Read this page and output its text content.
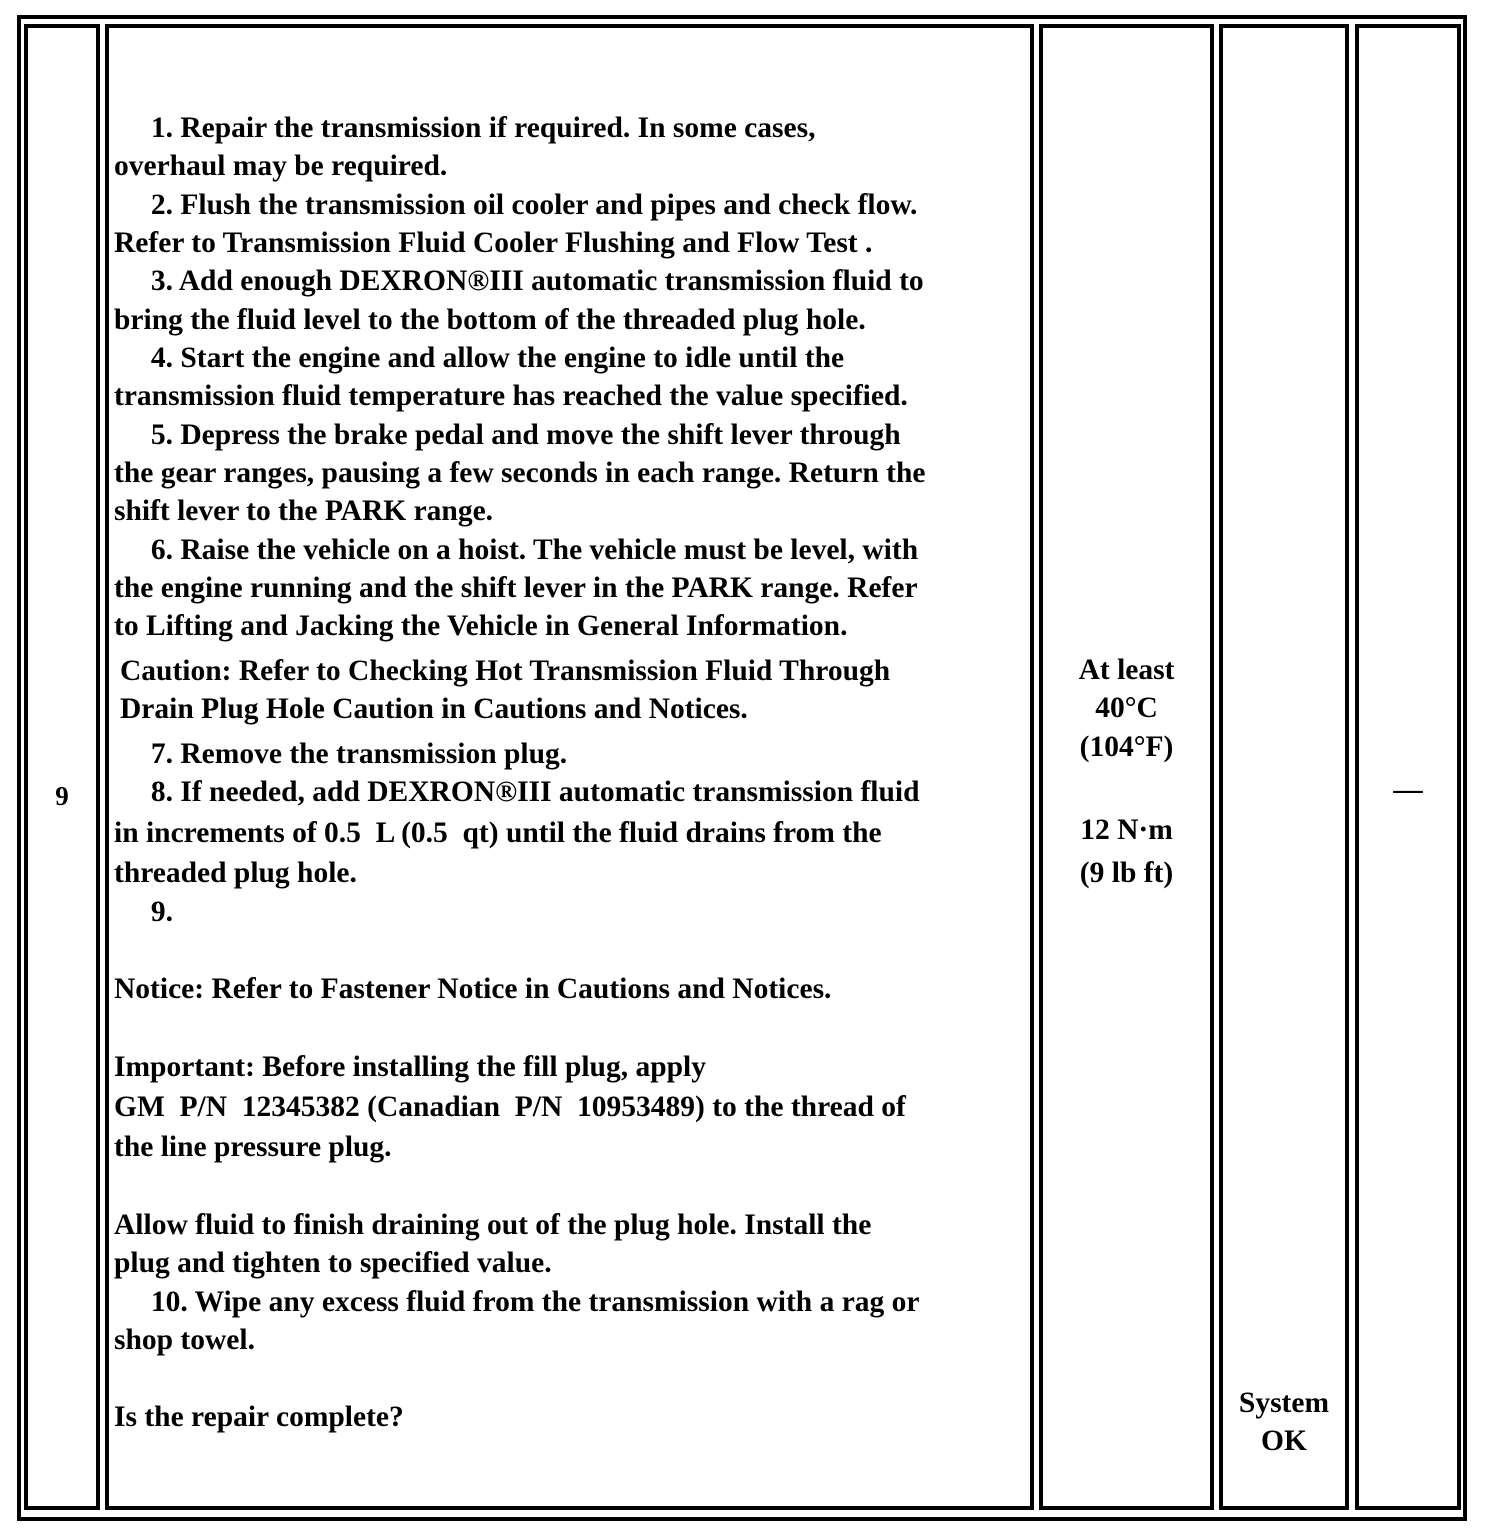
9
1. Repair the transmission if required. In some cases,
overhaul may be required.
2. Flush the transmission oil cooler and pipes and check flow.
Refer to Transmission Fluid Cooler Flushing and Flow Test .
3. Add enough DEXRON®III automatic transmission fluid to
bring the fluid level to the bottom of the threaded plug hole.
4. Start the engine and allow the engine to idle until the
transmission fluid temperature has reached the value specified.
5. Depress the brake pedal and move the shift lever through
the gear ranges, pausing a few seconds in each range. Return the
shift lever to the PARK range.
6. Raise the vehicle on a hoist. The vehicle must be level, with
the engine running and the shift lever in the PARK range. Refer
to Lifting and Jacking the Vehicle in General Information.
Caution: Refer to Checking Hot Transmission Fluid Through
Drain Plug Hole Caution in Cautions and Notices.
7. Remove the transmission plug.
8. If needed, add DEXRON®III automatic transmission fluid
in increments of 0.5  L (0.5  qt) until the fluid drains from the
threaded plug hole.
9.
Notice: Refer to Fastener Notice in Cautions and Notices.
Important: Before installing the fill plug, apply
GM  P/N  12345382 (Canadian  P/N  10953489) to the thread of
the line pressure plug.
Allow fluid to finish draining out of the plug hole. Install the
plug and tighten to specified value.
10. Wipe any excess fluid from the transmission with a rag or
shop towel.
Is the repair complete?
At least
40°C
(104°F)
12 N·m
(9 lb ft)
System
OK
—
